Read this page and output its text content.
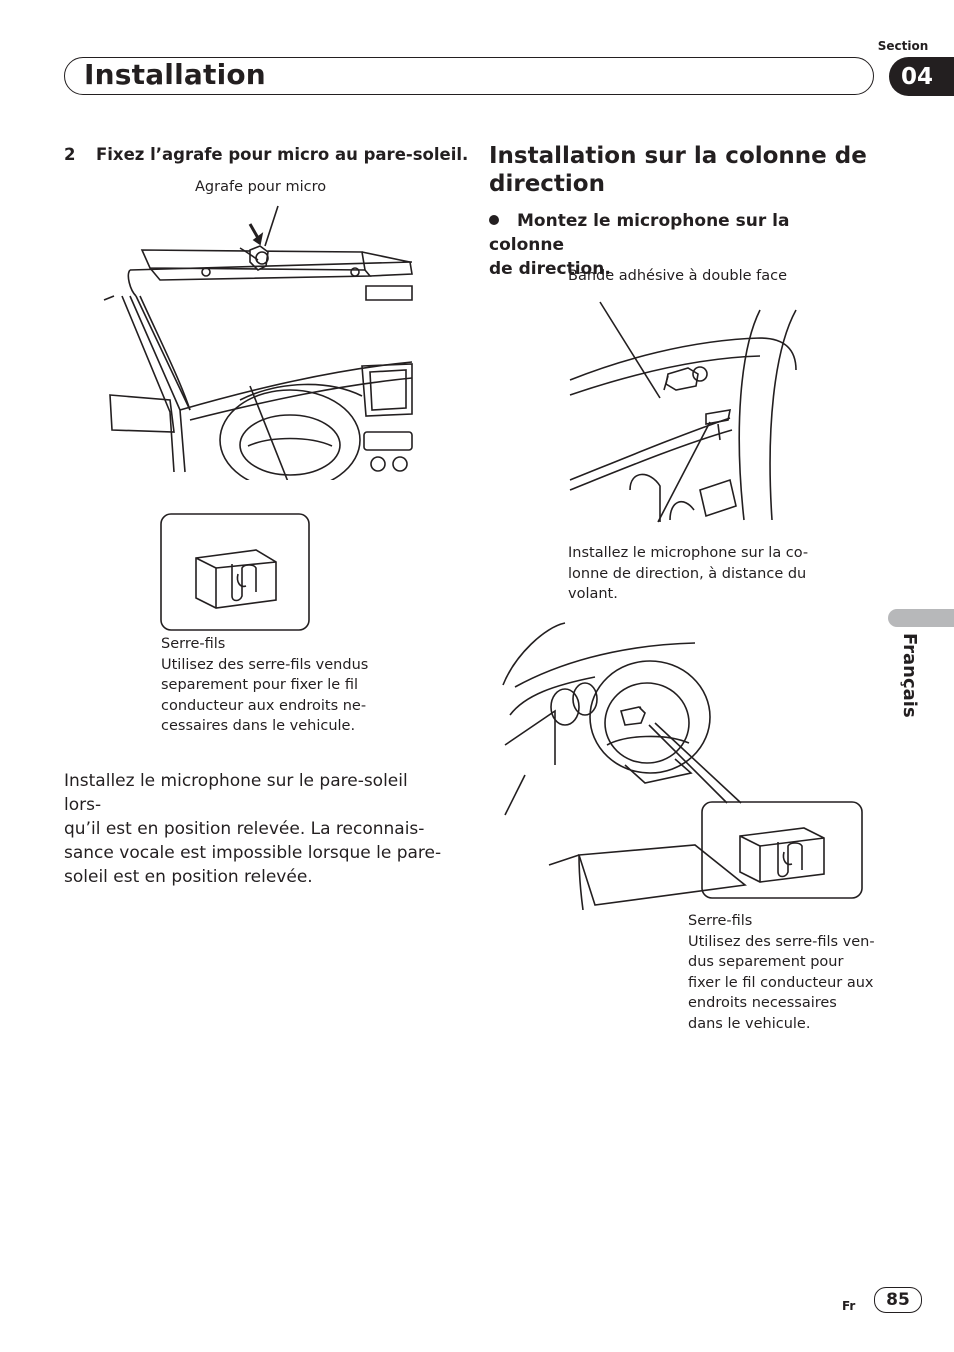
Installation
Section
04
Français
2 Fixez l’agrafe pour micro au pare-soleil.
Agrafe pour micro
Serre-fils
Utilisez des serre-fils vendus
separement pour fixer le fil
conducteur aux endroits ne-
cessaires dans le vehicule.
Installez le microphone sur le pare-soleil lors-
qu’il est en position relevée. La reconnais-
sance vocale est impossible lorsque le pare-
soleil est en position relevée.
Installation sur la colonne de
direction
Montez le microphone sur la colonne
de direction.
Bande adhésive à double face
Installez le microphone sur la co-
lonne de direction, à distance du
volant.
Serre-fils
Utilisez des serre-fils ven-
dus separement pour
fixer le fil conducteur aux
endroits necessaires
dans le vehicule.
Fr	85
